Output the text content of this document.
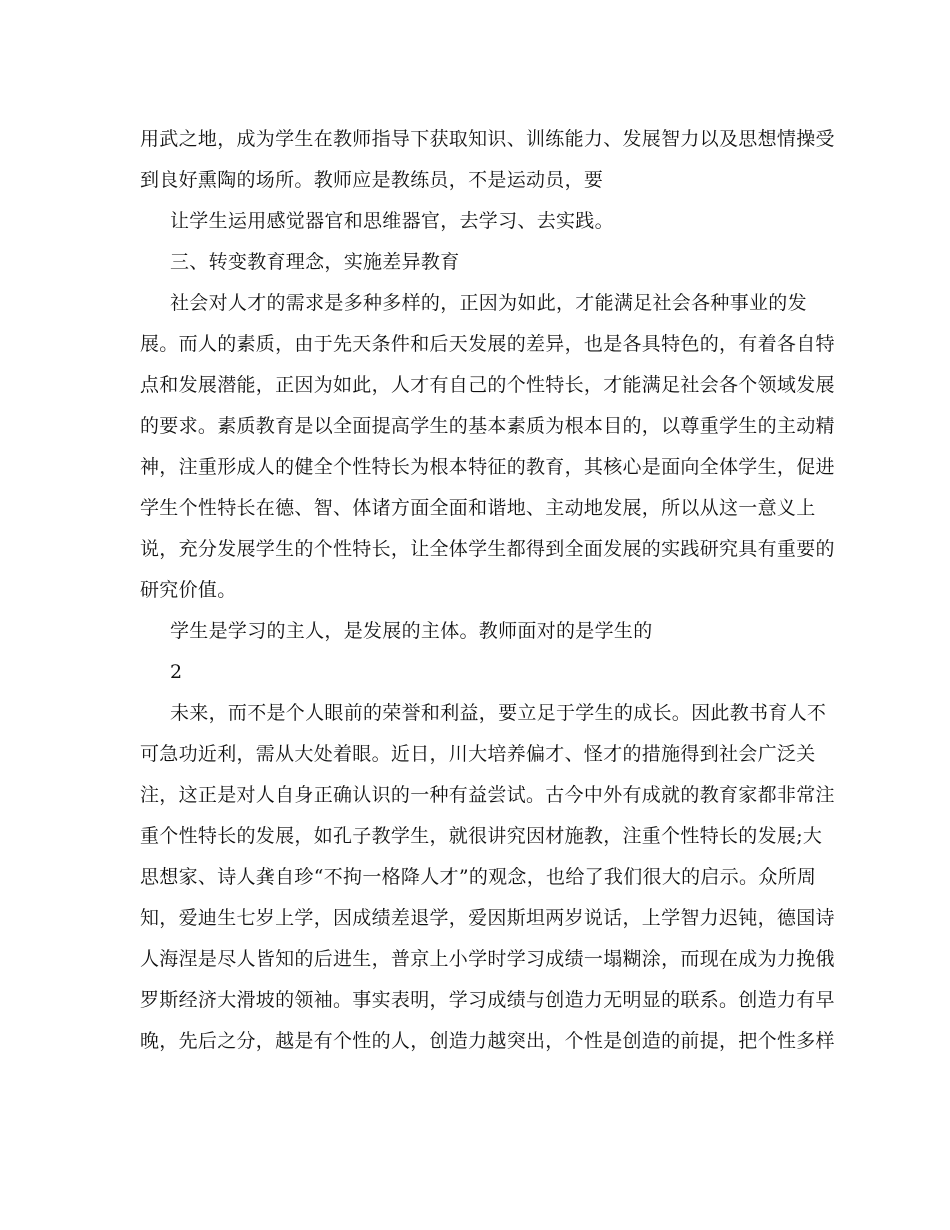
用武之地，成为学生在教师指导下获取知识、训练能力、发展智力以及思想情操受
到良好熏陶的场所。教师应是教练员，不是运动员，要
让学生运用感觉器官和思维器官，去学习、去实践。
三、转变教育理念，实施差异教育
社会对人才的需求是多种多样的，正因为如此，才能满足社会各种事业的发
展。而人的素质，由于先天条件和后天发展的差异，也是各具特色的，有着各自特
点和发展潜能，正因为如此，人才有自己的个性特长，才能满足社会各个领域发展
的要求。素质教育是以全面提高学生的基本素质为根本目的，以尊重学生的主动精
神，注重形成人的健全个性特长为根本特征的教育，其核心是面向全体学生，促进
学生个性特长在德、智、体诸方面全面和谐地、主动地发展，所以从这一意义上
说，充分发展学生的个性特长，让全体学生都得到全面发展的实践研究具有重要的
研究价值。
学生是学习的主人，是发展的主体。教师面对的是学生的
2
未来，而不是个人眼前的荣誉和利益，要立足于学生的成长。因此教书育人不
可急功近利，需从大处着眼。近日，川大培养偏才、怪才的措施得到社会广泛关
注，这正是对人自身正确认识的一种有益尝试。古今中外有成就的教育家都非常注
重个性特长的发展，如孔子教学生，就很讲究因材施教，注重个性特长的发展;大
思想家、诗人龚自珍“不拘一格降人才”的观念，也给了我们很大的启示。众所周
知，爱迪生七岁上学，因成绩差退学，爱因斯坦两岁说话，上学智力迟钝，德国诗
人海涅是尽人皆知的后进生，普京上小学时学习成绩一塌糊涂，而现在成为力挽俄
罗斯经济大滑坡的领袖。事实表明，学习成绩与创造力无明显的联系。创造力有早
晚，先后之分，越是有个性的人，创造力越突出，个性是创造的前提，把个性多样
